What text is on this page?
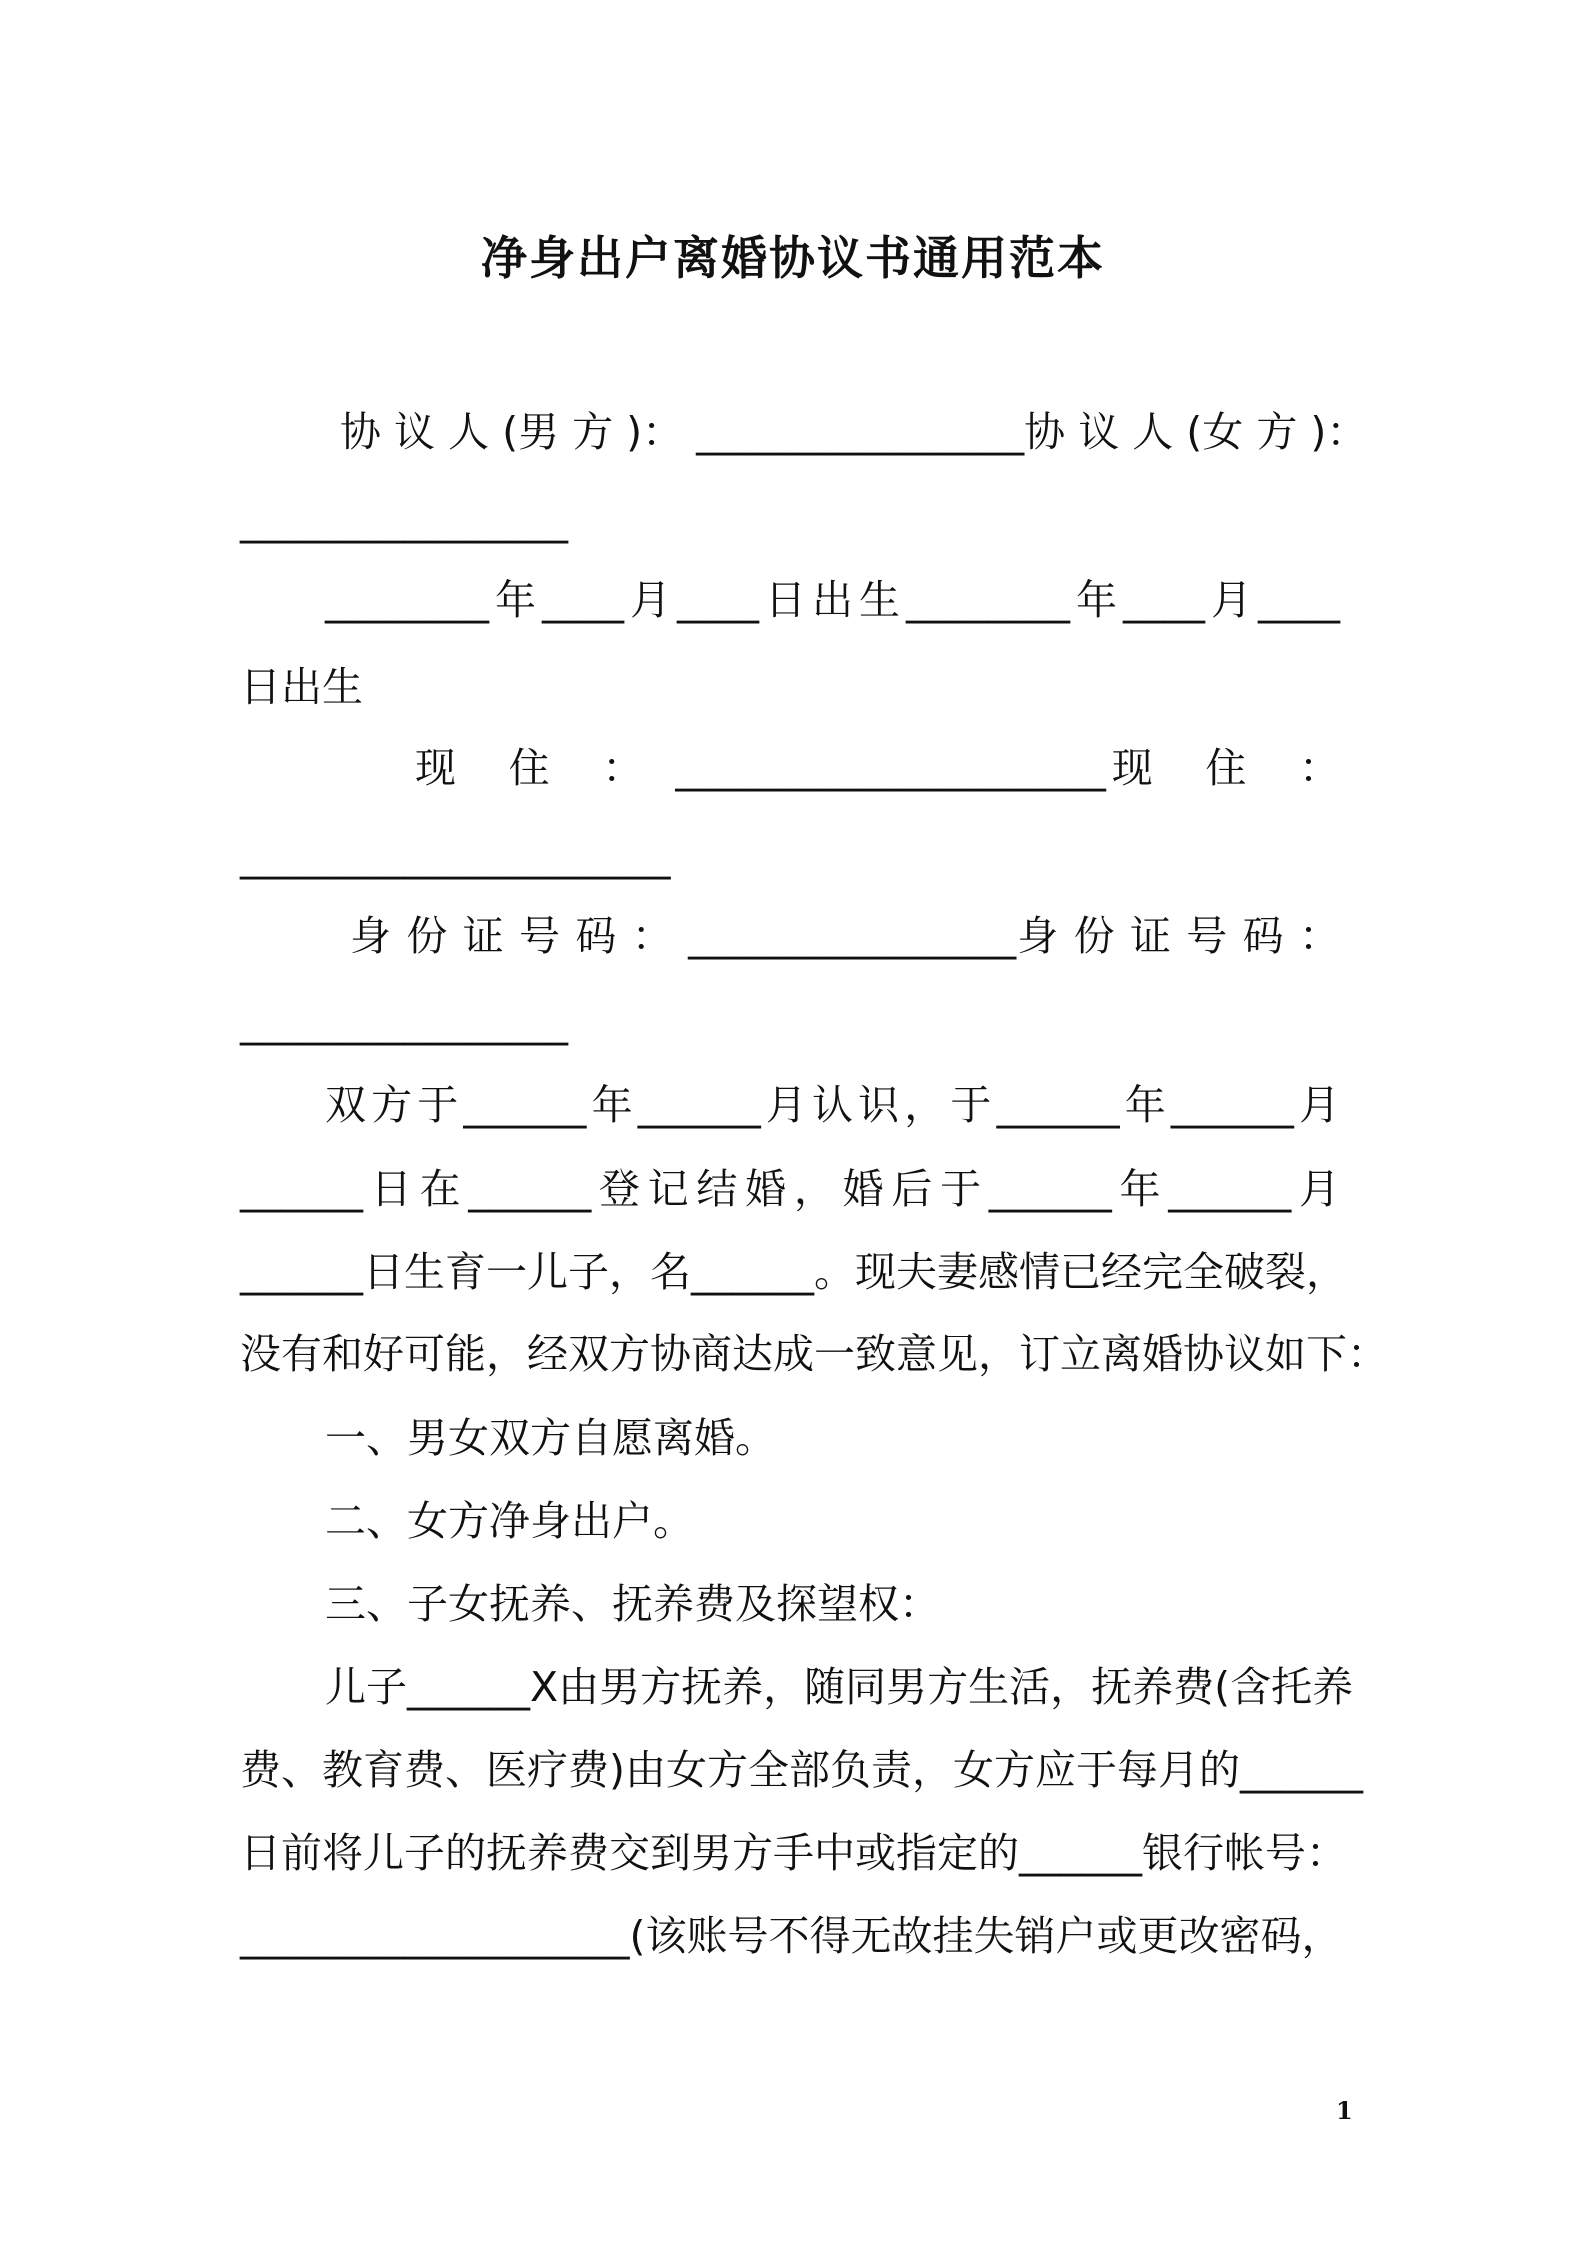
净身出户离婚协议书通用范本
协 议 人 (男 方 )： ________________协 议 人 (女 方 )：
________________
________年____月____日出生________年____月____
日出生
现　住　：　_____________________现　住　：
_____________________
身 份 证 号 码 ： ________________身 份 证 号 码 ：
________________
双方于______年______月认识，于______年______月
______日在______登记结婚，婚后于______年______月
______日生育一儿子，名______。现夫妻感情已经完全破裂，
没有和好可能，经双方协商达成一致意见，订立离婚协议如下：
一、男女双方自愿离婚。
二、女方净身出户。
三、子女抚养、抚养费及探望权：
儿子______X由男方抚养，随同男方生活，抚养费(含托养
费、教育费、医疗费)由女方全部负责，女方应于每月的______
日前将儿子的抚养费交到男方手中或指定的______银行帐号：
___________________(该账号不得无故挂失销户或更改密码，
1
